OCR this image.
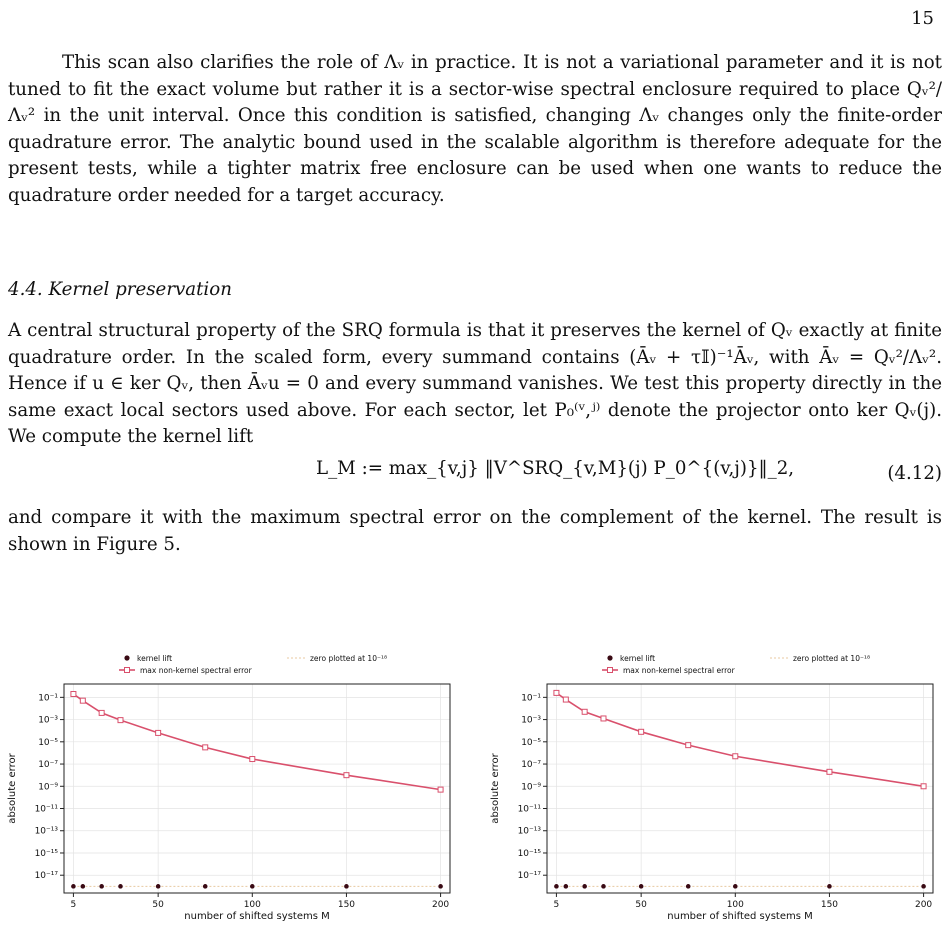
15

This scan also clarifies the role of Λᵥ in practice. It is not a variational parameter and it is not tuned to fit the exact volume but rather it is a sector-wise spectral enclosure required to place Qᵥ²/Λᵥ² in the unit interval. Once this condition is satisfied, changing Λᵥ changes only the finite-order quadrature error. The analytic bound used in the scalable algorithm is therefore adequate for the present tests, while a tighter matrix free enclosure can be used when one wants to reduce the quadrature order needed for a target accuracy.

4.4. Kernel preservation

A central structural property of the SRQ formula is that it preserves the kernel of Qᵥ exactly at finite quadrature order. In the scaled form, every summand contains (Āᵥ + τ𝕀)⁻¹Āᵥ, with Āᵥ = Qᵥ²/Λᵥ². Hence if u ∈ ker Qᵥ, then Āᵥu = 0 and every summand vanishes. We test this property directly in the same exact local sectors used above. For each sector, let P₀⁽ᵛ,ʲ⁾ denote the projector onto ker Qᵥ(j). We compute the kernel lift

L_M := max_{v,j} ‖V^SRQ_{v,M}(j) P_0^{(v,j)}‖_2,	(4.12)

and compare it with the maximum spectral error on the complement of the kernel. The result is shown in Figure 5.

10⁻¹
10⁻³
10⁻⁵
10⁻⁷
10⁻⁹
10⁻¹¹
10⁻¹³
10⁻¹⁵
10⁻¹⁷
5	50	100	150	200
number of shifted systems M
absolute error
kernel lift
max non-kernel spectral error
zero plotted at 10⁻¹⁸
10⁻¹
10⁻³
10⁻⁵
10⁻⁷
10⁻⁹
10⁻¹¹
10⁻¹³
10⁻¹⁵
10⁻¹⁷
5	50	100	150	200
number of shifted systems M
absolute error
kernel lift
max non-kernel spectral error
zero plotted at 10⁻¹⁸
